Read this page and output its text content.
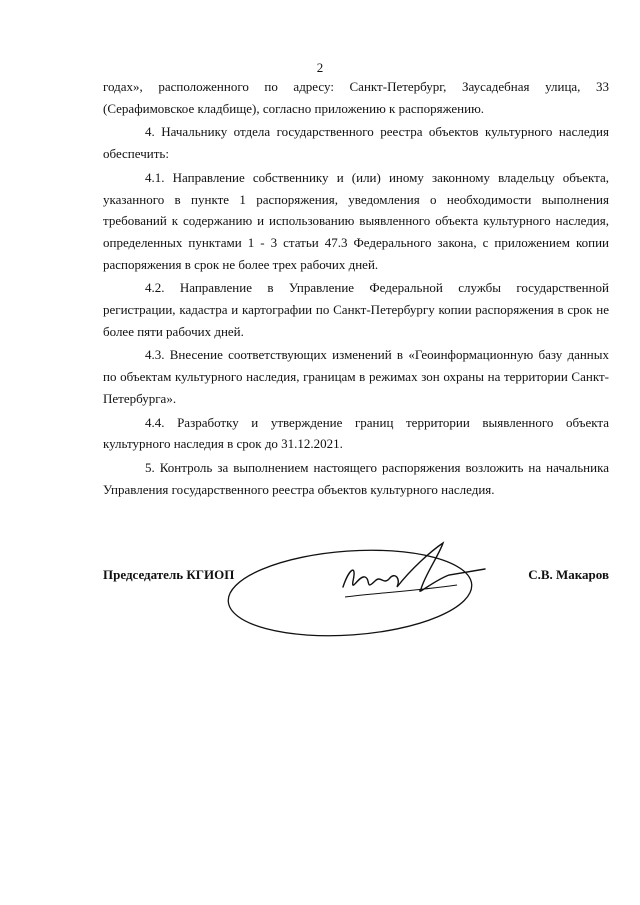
2

годах», расположенного по адресу: Санкт-Петербург, Заусадебная улица, 33 (Серафимовское кладбище), согласно приложению к распоряжению.

4. Начальнику отдела государственного реестра объектов культурного наследия обеспечить:

4.1. Направление собственнику и (или) иному законному владельцу объекта, указанного в пункте 1 распоряжения, уведомления о необходимости выполнения требований к содержанию и использованию выявленного объекта культурного наследия, определенных пунктами 1 - 3 статьи 47.3 Федерального закона, с приложением копии распоряжения в срок не более трех рабочих дней.

4.2. Направление в Управление Федеральной службы государственной регистрации, кадастра и картографии по Санкт-Петербургу копии распоряжения в срок не более пяти рабочих дней.

4.3. Внесение соответствующих изменений в «Геоинформационную базу данных по объектам культурного наследия, границам в режимах зон охраны на территории Санкт-Петербурга».

4.4. Разработку и утверждение границ территории выявленного объекта культурного наследия в срок до 31.12.2021.

5. Контроль за выполнением настоящего распоряжения возложить на начальника Управления государственного реестра объектов культурного наследия.

Председатель КГИОП	С.В. Макаров
